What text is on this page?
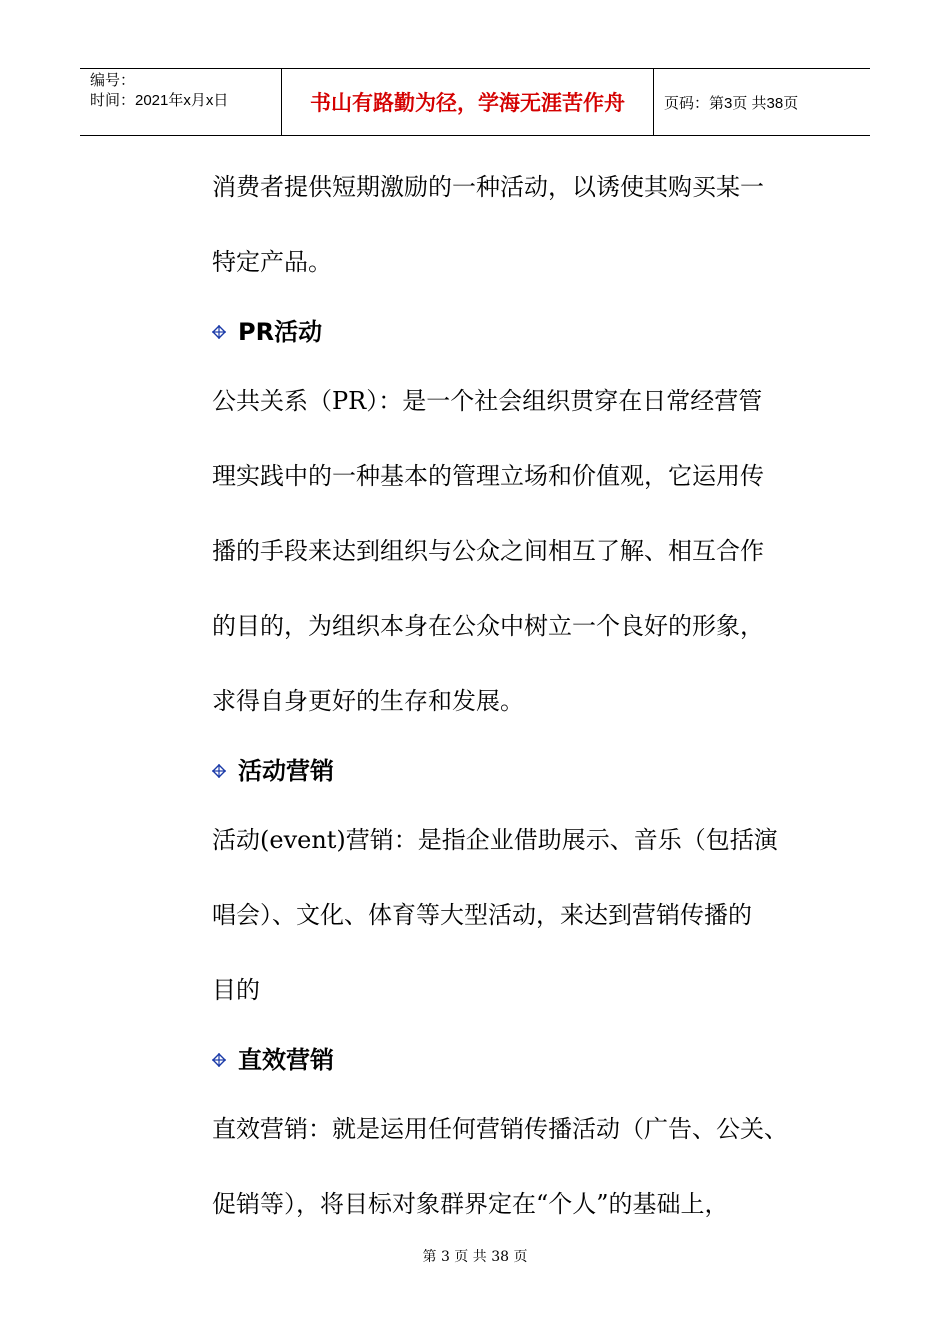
编号：
时间：2021年x月x日	书山有路勤为径，学海无涯苦作舟	页码：第3页 共38页

消费者提供短期激励的一种活动，以诱使其购买某一

特定产品。

PR活动

公共关系（PR）：是一个社会组织贯穿在日常经营管

理实践中的一种基本的管理立场和价值观，它运用传

播的手段来达到组织与公众之间相互了解、相互合作

的目的，为组织本身在公众中树立一个良好的形象，

求得自身更好的生存和发展。

活动营销

活动(event)营销：是指企业借助展示、音乐（包括演

唱会）、文化、体育等大型活动，来达到营销传播的

目的

直效营销

直效营销：就是运用任何营销传播活动（广告、公关、

促销等），将目标对象群界定在“个人”的基础上，

第 3 页 共 38 页
